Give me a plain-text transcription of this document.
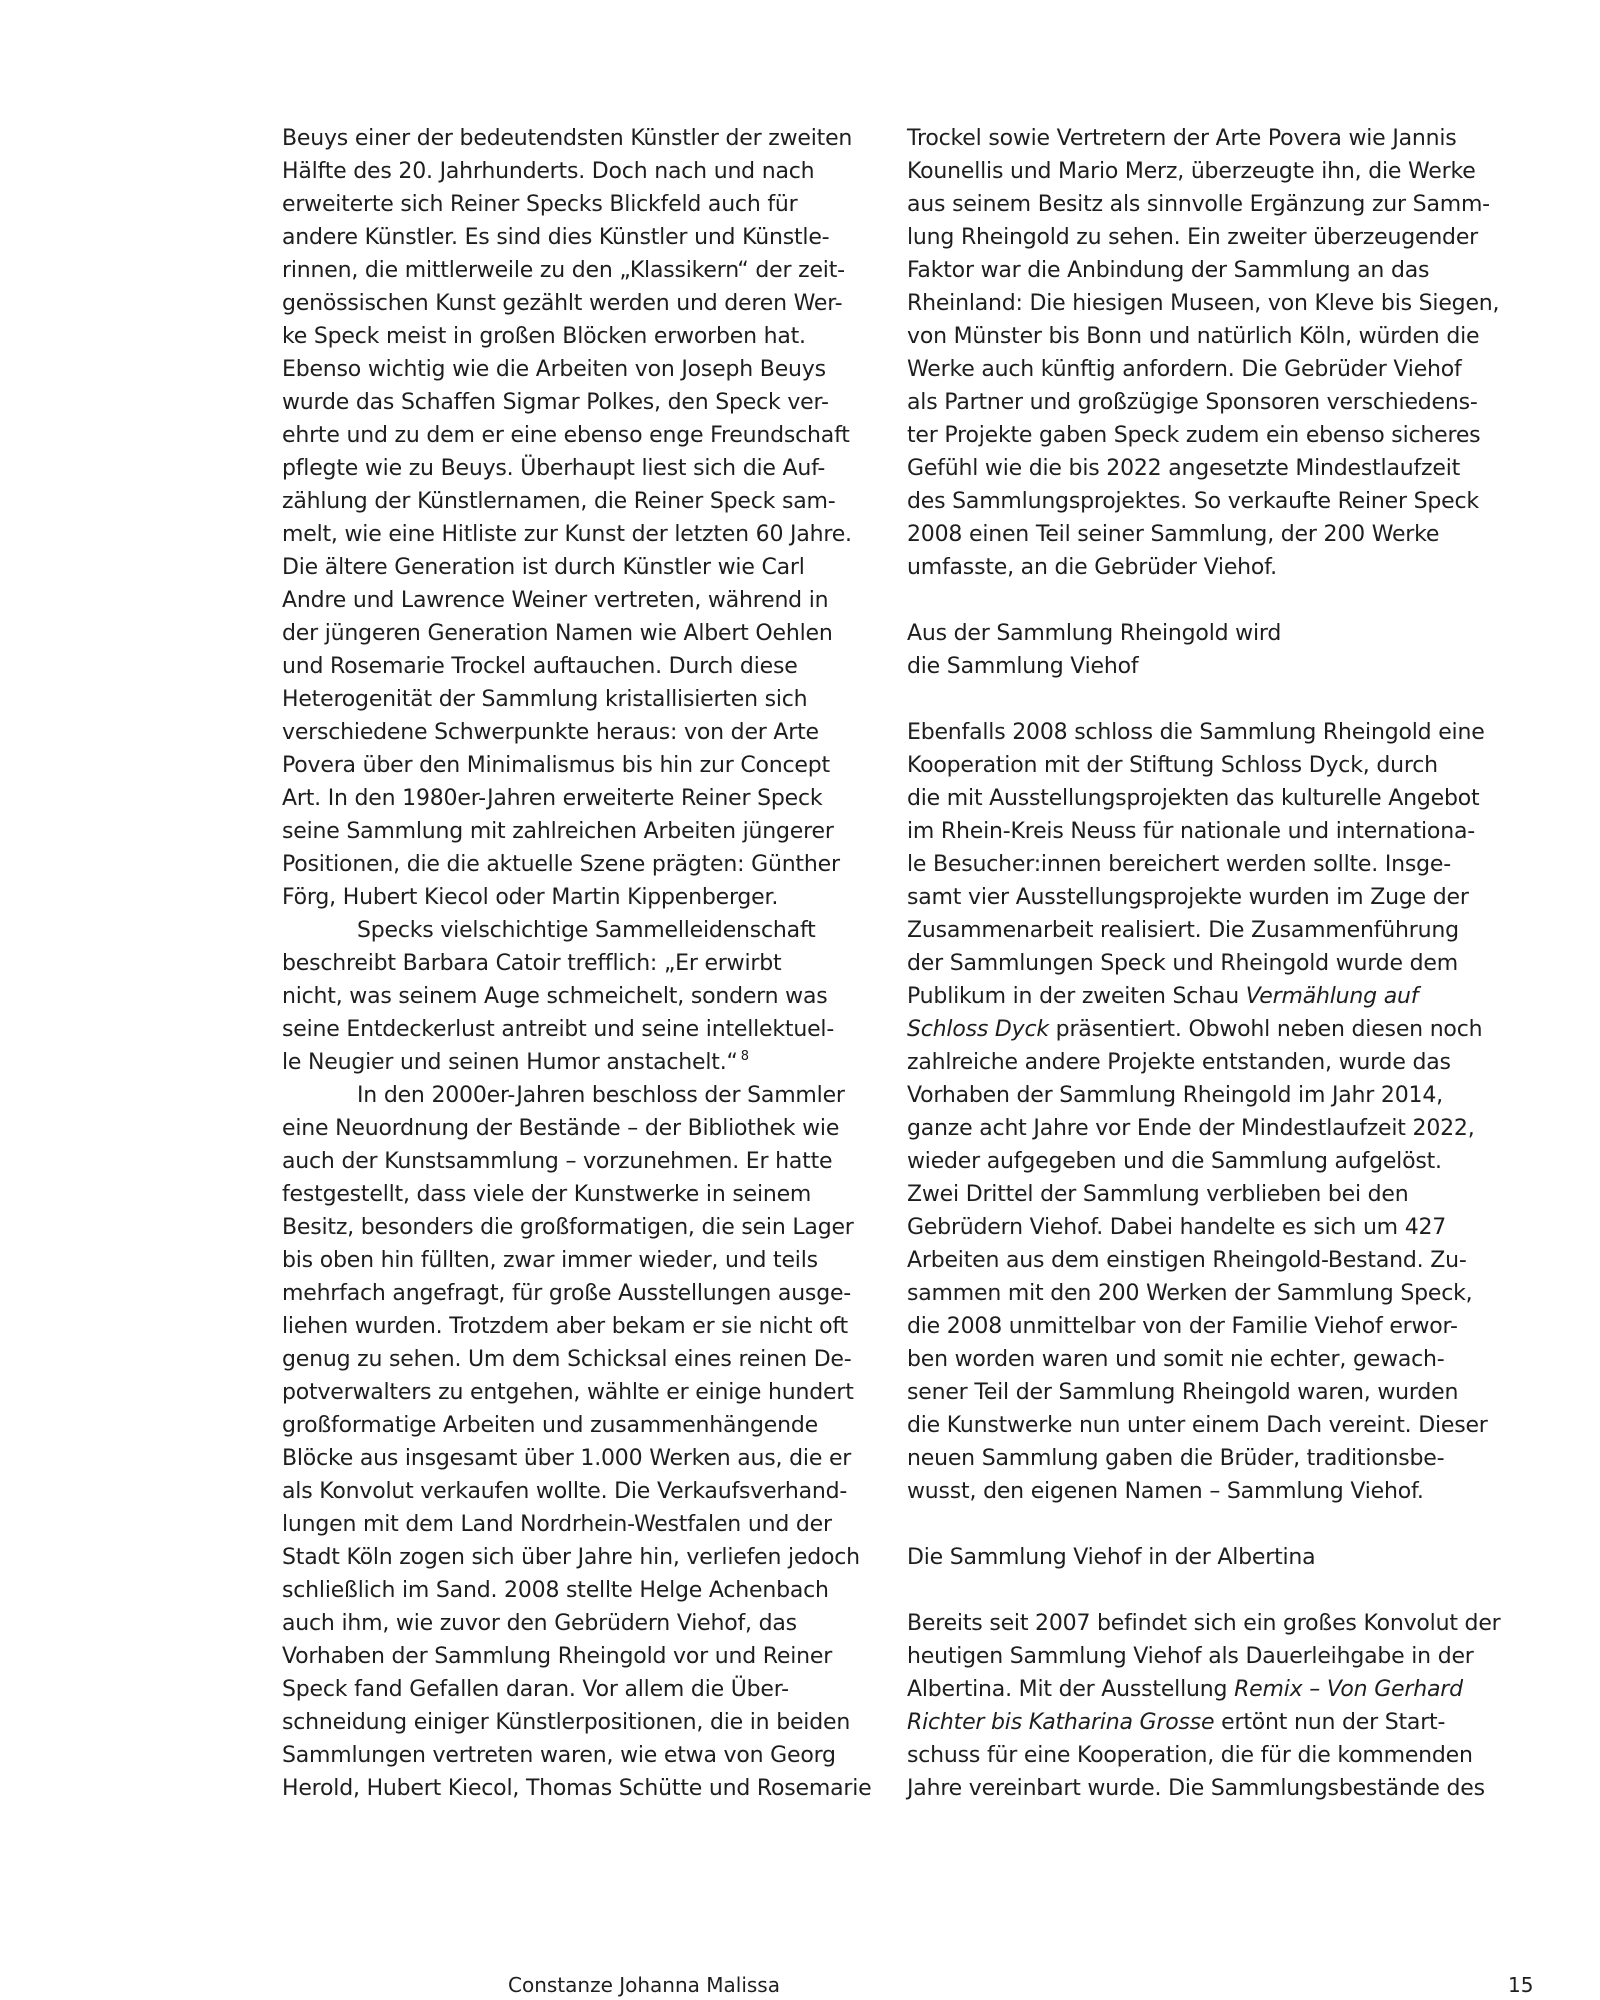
Beuys einer der bedeutendsten Künstler der zweiten
Hälfte des 20. Jahrhunderts. Doch nach und nach
erweiterte sich Reiner Specks Blickfeld auch für
andere Künstler. Es sind dies Künstler und Künstle-
rinnen, die mittlerweile zu den „Klassikern“ der zeit-
genössischen Kunst gezählt werden und deren Wer-
ke Speck meist in großen Blöcken erworben hat.
Ebenso wichtig wie die Arbeiten von Joseph Beuys
wurde das Schaffen Sigmar Polkes, den Speck ver-
ehrte und zu dem er eine ebenso enge Freundschaft
pflegte wie zu Beuys. Überhaupt liest sich die Auf-
zählung der Künstlernamen, die Reiner Speck sam-
melt, wie eine Hitliste zur Kunst der letzten 60 Jahre.
Die ältere Generation ist durch Künstler wie Carl
Andre und Lawrence Weiner vertreten, während in
der jüngeren Generation Namen wie Albert Oehlen
und Rosemarie Trockel auftauchen. Durch diese
Heterogenität der Sammlung kristallisierten sich
verschiedene Schwerpunkte heraus: von der Arte
Povera über den Minimalismus bis hin zur Concept
Art. In den 1980er-Jahren erweiterte Reiner Speck
seine Sammlung mit zahlreichen Arbeiten jüngerer
Positionen, die die aktuelle Szene prägten: Günther
Förg, Hubert Kiecol oder Martin Kippenberger.
Specks vielschichtige Sammelleidenschaft
beschreibt Barbara Catoir trefflich: „Er erwirbt
nicht, was seinem Auge schmeichelt, sondern was
seine Entdeckerlust antreibt und seine intellektuel-
le Neugier und seinen Humor anstachelt.“ $^8$
In den 2000er-Jahren beschloss der Sammler
eine Neuordnung der Bestände – der Bibliothek wie
auch der Kunstsammlung – vorzunehmen. Er hatte
festgestellt, dass viele der Kunstwerke in seinem
Besitz, besonders die großformatigen, die sein Lager
bis oben hin füllten, zwar immer wieder, und teils
mehrfach angefragt, für große Ausstellungen ausge-
liehen wurden. Trotzdem aber bekam er sie nicht oft
genug zu sehen. Um dem Schicksal eines reinen De-
potverwalters zu entgehen, wählte er einige hundert
großformatige Arbeiten und zusammenhängende
Blöcke aus insgesamt über 1.000 Werken aus, die er
als Konvolut verkaufen wollte. Die Verkaufsverhand-
lungen mit dem Land Nordrhein-Westfalen und der
Stadt Köln zogen sich über Jahre hin, verliefen jedoch
schließlich im Sand. 2008 stellte Helge Achenbach
auch ihm, wie zuvor den Gebrüdern Viehof, das
Vorhaben der Sammlung Rheingold vor und Reiner
Speck fand Gefallen daran. Vor allem die Über-
schneidung einiger Künstlerpositionen, die in beiden
Sammlungen vertreten waren, wie etwa von Georg
Herold, Hubert Kiecol, Thomas Schütte und Rosemarie
Trockel sowie Vertretern der Arte Povera wie Jannis
Kounellis und Mario Merz, überzeugte ihn, die Werke
aus seinem Besitz als sinnvolle Ergänzung zur Samm-
lung Rheingold zu sehen. Ein zweiter überzeugender
Faktor war die Anbindung der Sammlung an das
Rheinland: Die hiesigen Museen, von Kleve bis Siegen,
von Münster bis Bonn und natürlich Köln, würden die
Werke auch künftig anfordern. Die Gebrüder Viehof
als Partner und großzügige Sponsoren verschiedens-
ter Projekte gaben Speck zudem ein ebenso sicheres
Gefühl wie die bis 2022 angesetzte Mindestlaufzeit
des Sammlungsprojektes. So verkaufte Reiner Speck
2008 einen Teil seiner Sammlung, der 200 Werke
umfasste, an die Gebrüder Viehof.
Aus der Sammlung Rheingold wird
die Sammlung Viehof
Ebenfalls 2008 schloss die Sammlung Rheingold eine
Kooperation mit der Stiftung Schloss Dyck, durch
die mit Ausstellungsprojekten das kulturelle Angebot
im Rhein-Kreis Neuss für nationale und internationa-
le Besucher:innen bereichert werden sollte. Insge-
samt vier Ausstellungsprojekte wurden im Zuge der
Zusammenarbeit realisiert. Die Zusammenführung
der Sammlungen Speck und Rheingold wurde dem
Publikum in der zweiten Schau Vermählung auf
Schloss Dyck präsentiert. Obwohl neben diesen noch
zahlreiche andere Projekte entstanden, wurde das
Vorhaben der Sammlung Rheingold im Jahr 2014,
ganze acht Jahre vor Ende der Mindestlaufzeit 2022,
wieder aufgegeben und die Sammlung aufgelöst.
Zwei Drittel der Sammlung verblieben bei den
Gebrüdern Viehof. Dabei handelte es sich um 427
Arbeiten aus dem einstigen Rheingold-Bestand. Zu-
sammen mit den 200 Werken der Sammlung Speck,
die 2008 unmittelbar von der Familie Viehof erwor-
ben worden waren und somit nie echter, gewach-
sener Teil der Sammlung Rheingold waren, wurden
die Kunstwerke nun unter einem Dach vereint. Dieser
neuen Sammlung gaben die Brüder, traditionsbe-
wusst, den eigenen Namen – Sammlung Viehof.
Die Sammlung Viehof in der Albertina
Bereits seit 2007 befindet sich ein großes Konvolut der
heutigen Sammlung Viehof als Dauerleihgabe in der
Albertina. Mit der Ausstellung Remix – Von Gerhard
Richter bis Katharina Grosse ertönt nun der Start-
schuss für eine Kooperation, die für die kommenden
Jahre vereinbart wurde. Die Sammlungsbestände des
Constanze Johanna Malissa	15
